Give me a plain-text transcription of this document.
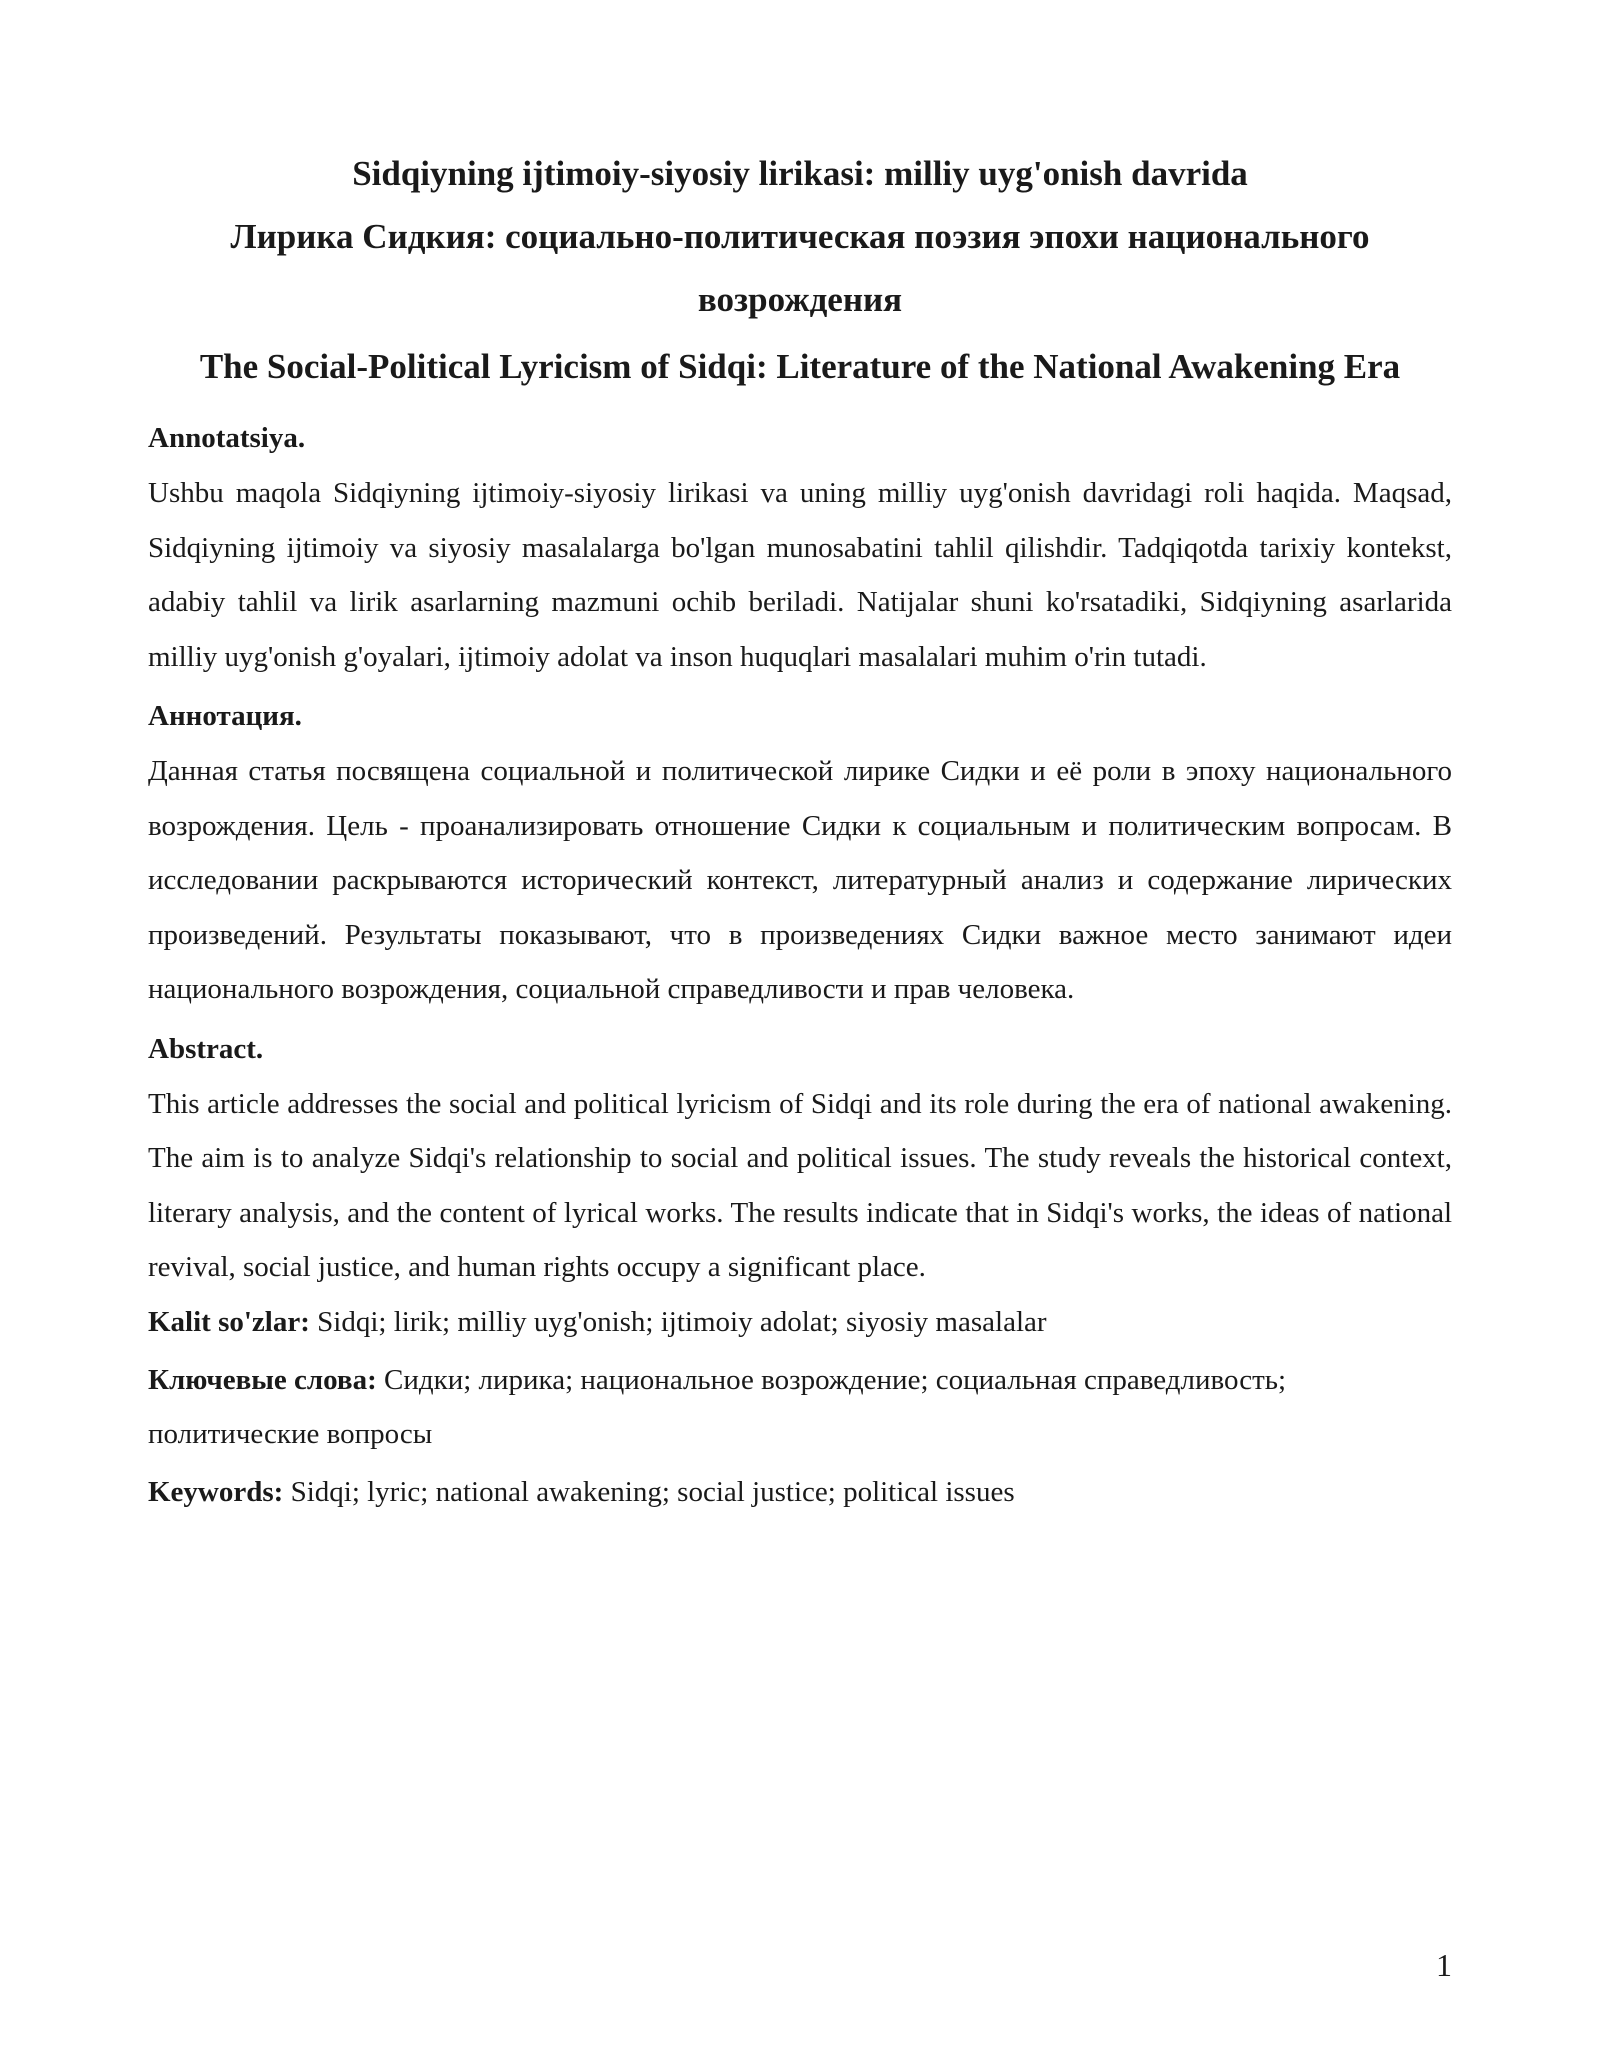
Sidqiyning ijtimoiy-siyosiy lirikasi: milliy uyg'onish davrida

Лирика Сидкия: социально-политическая поэзия эпохи национального возрождения

The Social-Political Lyricism of Sidqi: Literature of the National Awakening Era

Annotatsiya.

Ushbu maqola Sidqiyning ijtimoiy-siyosiy lirikasi va uning milliy uyg'onish davridagi roli haqida. Maqsad, Sidqiyning ijtimoiy va siyosiy masalalarga bo'lgan munosabatini tahlil qilishdir. Tadqiqotda tarixiy kontekst, adabiy tahlil va lirik asarlarning mazmuni ochib beriladi. Natijalar shuni ko'rsatadiki, Sidqiyning asarlarida milliy uyg'onish g'oyalari, ijtimoiy adolat va inson huquqlari masalalari muhim o'rin tutadi.

Аннотация.

Данная статья посвящена социальной и политической лирике Сидки и её роли в эпоху национального возрождения. Цель - проанализировать отношение Сидки к социальным и политическим вопросам. В исследовании раскрываются исторический контекст, литературный анализ и содержание лирических произведений. Результаты показывают, что в произведениях Сидки важное место занимают идеи национального возрождения, социальной справедливости и прав человека.

Abstract.

This article addresses the social and political lyricism of Sidqi and its role during the era of national awakening. The aim is to analyze Sidqi's relationship to social and political issues. The study reveals the historical context, literary analysis, and the content of lyrical works. The results indicate that in Sidqi's works, the ideas of national revival, social justice, and human rights occupy a significant place.

Kalit so'zlar: Sidqi; lirik; milliy uyg'onish; ijtimoiy adolat; siyosiy masalalar

Ключевые слова: Сидки; лирика; национальное возрождение; социальная справедливость; политические вопросы

Keywords: Sidqi; lyric; national awakening; social justice; political issues

1
